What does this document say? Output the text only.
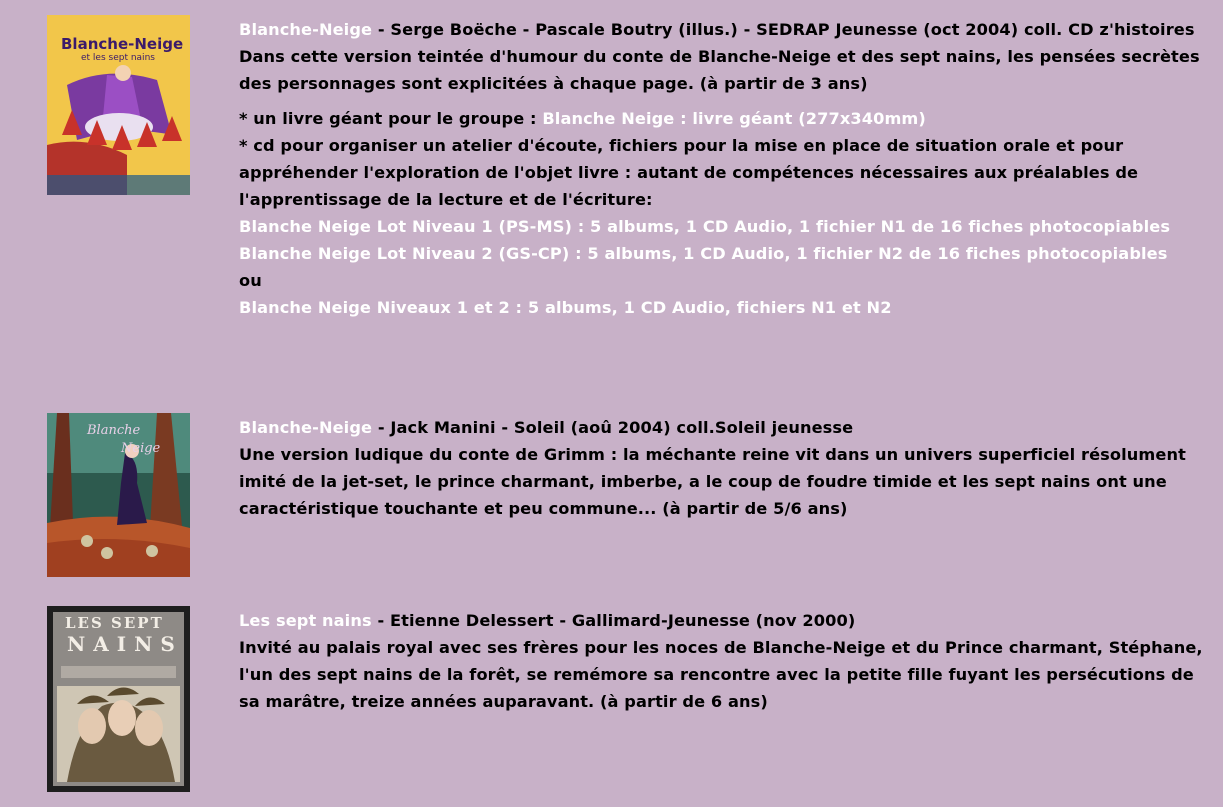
Blanche-Neige
et les sept nains
Blanche-Neige - Serge Boëche - Pascale Boutry (illus.) - SEDRAP Jeunesse (oct 2004) coll. CD z'histoires
Dans cette version teintée d'humour du conte de Blanche-Neige et des sept nains, les pensées secrètes des personnages sont explicitées à chaque page. (à partir de 3 ans)
* un livre géant pour le groupe : Blanche Neige : livre géant (277x340mm)
* cd pour organiser un atelier d'écoute, fichiers pour la mise en place de situation orale et pour appréhender l'exploration de l'objet livre : autant de compétences nécessaires aux préalables de l'apprentissage de la lecture et de l'écriture:
Blanche Neige Lot Niveau 1 (PS-MS) : 5 albums, 1 CD Audio, 1 fichier N1 de 16 fiches photocopiables
Blanche Neige Lot Niveau 2 (GS-CP) : 5 albums, 1 CD Audio, 1 fichier N2 de 16 fiches photocopiables
ou
Blanche Neige Niveaux 1 et 2 : 5 albums, 1 CD Audio, fichiers N1 et N2
Blanche
Neige
Blanche-Neige - Jack Manini - Soleil (aoû 2004) coll.Soleil jeunesse
Une version ludique du conte de Grimm : la méchante reine vit dans un univers superficiel résolument imité de la jet-set, le prince charmant, imberbe, a le coup de foudre timide et les sept nains ont une caractéristique touchante et peu commune... (à partir de 5/6 ans)
LES SEPT
NAINS
Les sept nains - Etienne Delessert - Gallimard-Jeunesse (nov 2000)
Invité au palais royal avec ses frères pour les noces de Blanche-Neige et du Prince charmant, Stéphane, l'un des sept nains de la forêt, se remémore sa rencontre avec la petite fille fuyant les persécutions de sa marâtre, treize années auparavant. (à partir de 6 ans)
